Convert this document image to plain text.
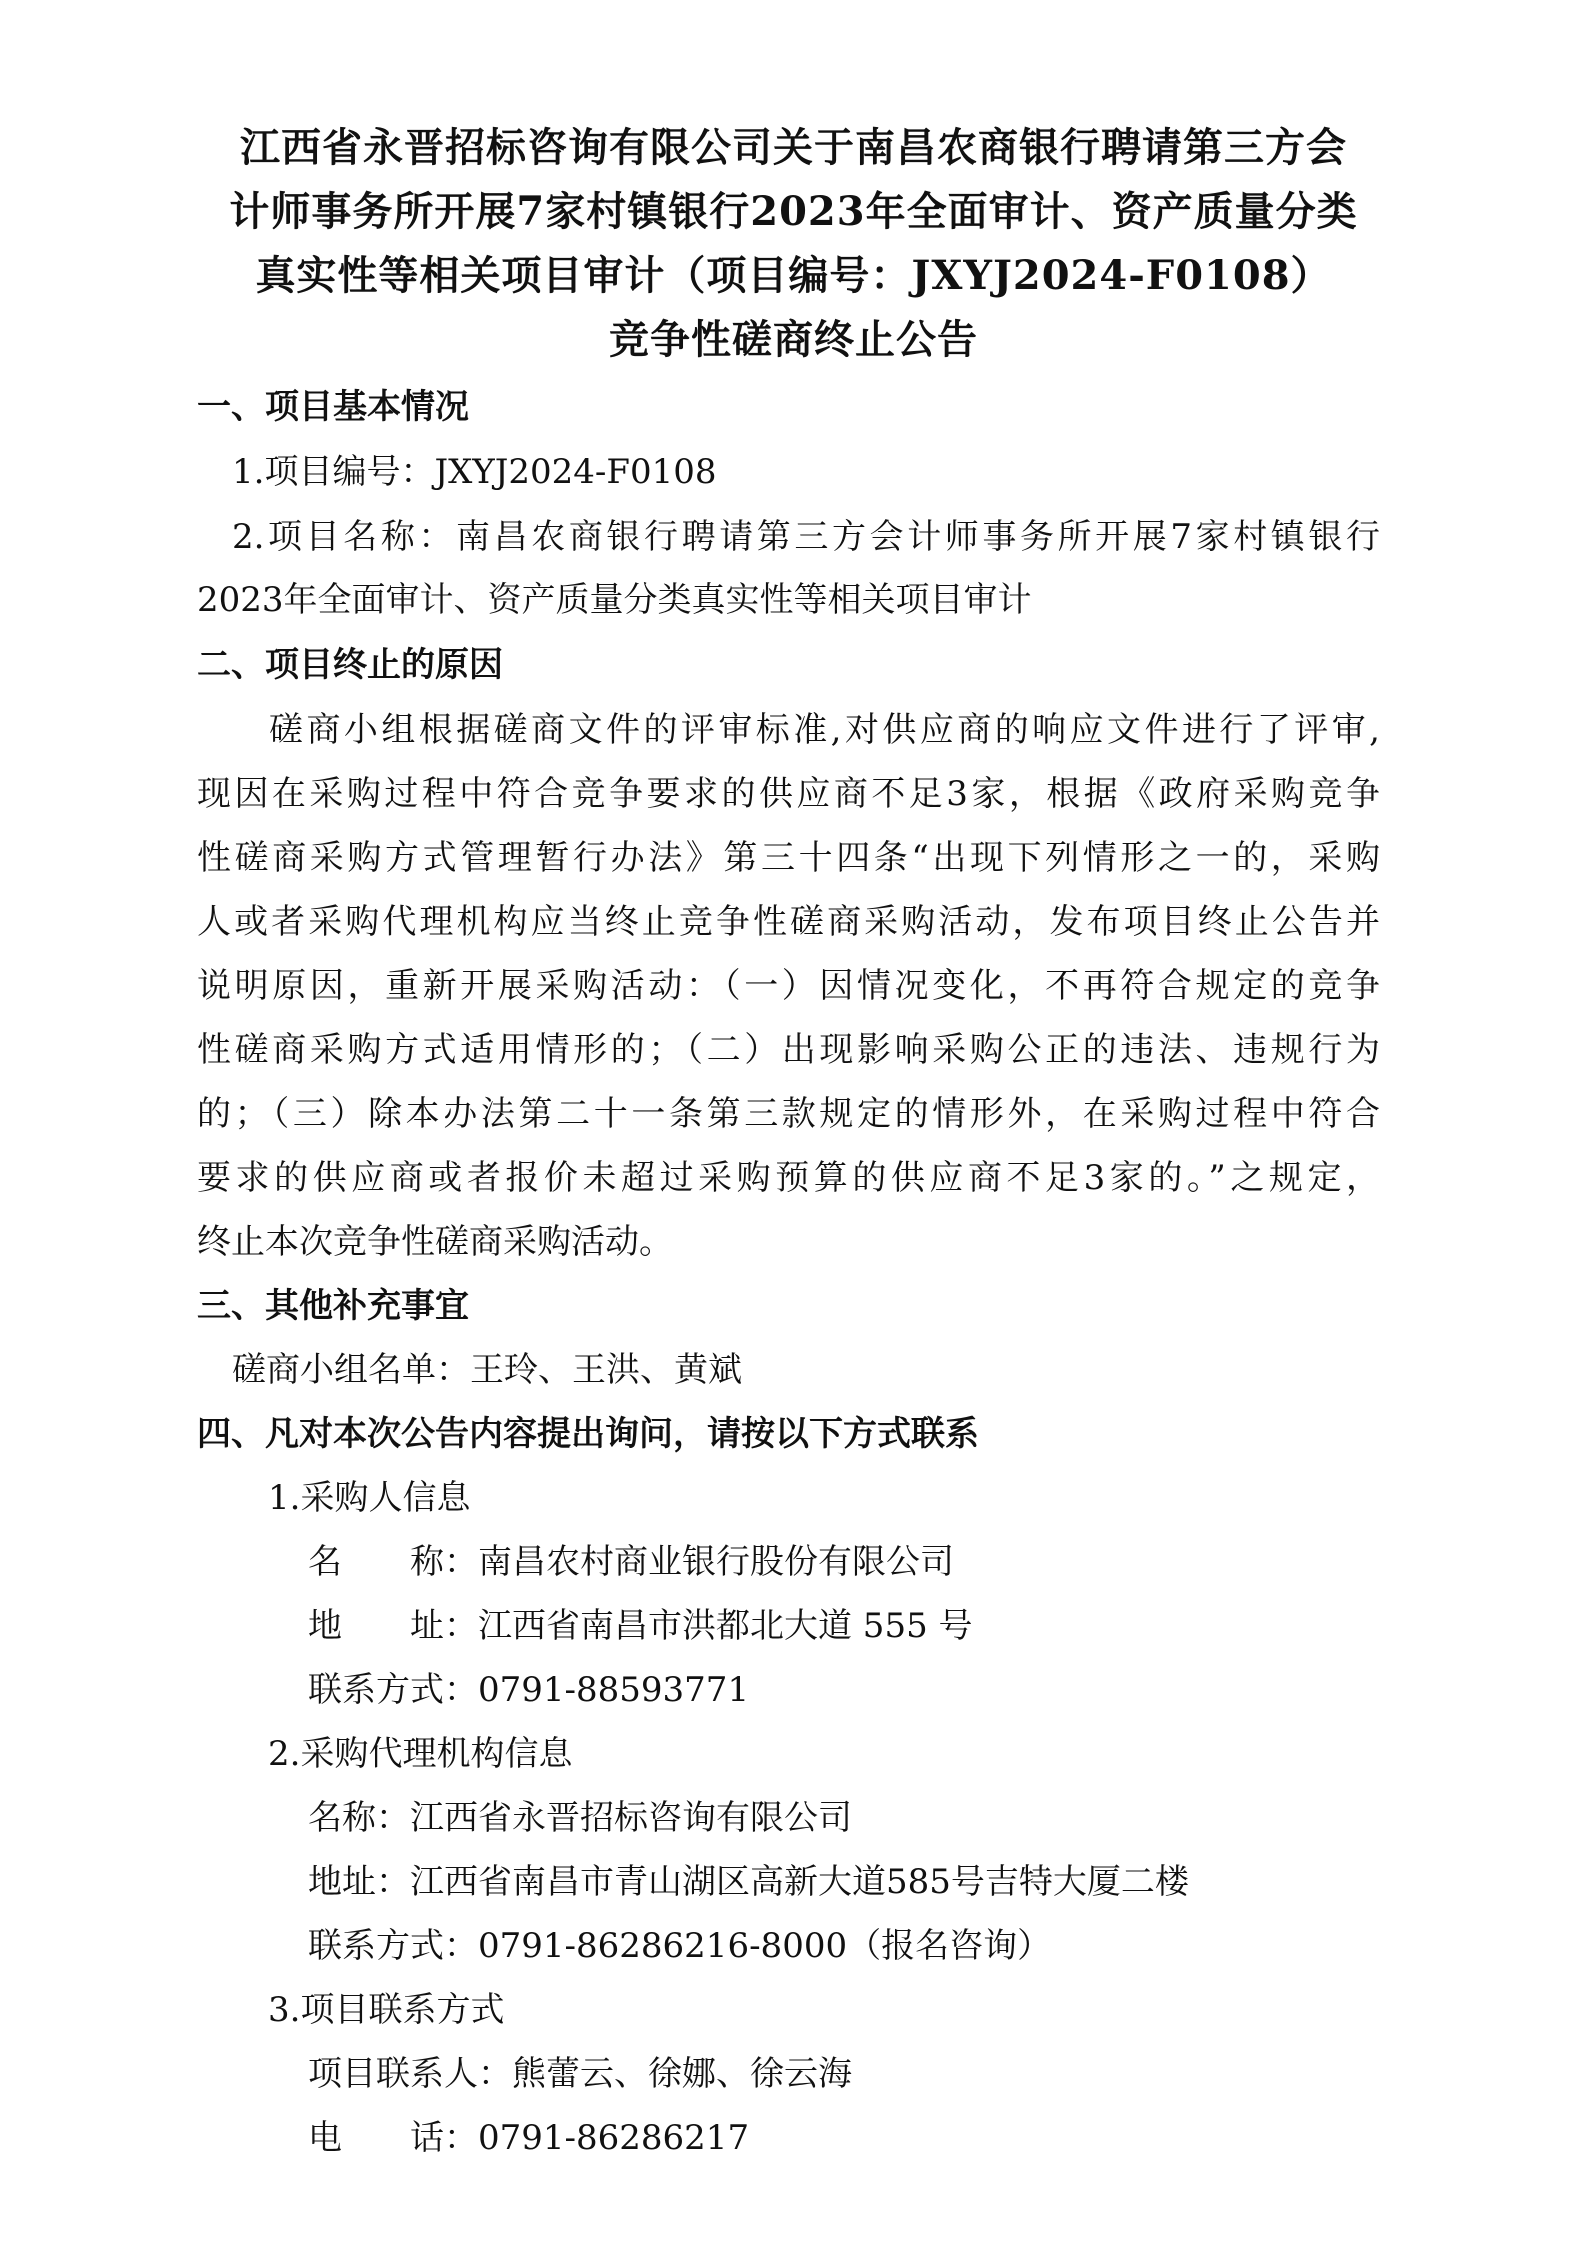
江西省永晋招标咨询有限公司关于南昌农商银行聘请第三方会
计师事务所开展7家村镇银行2023年全面审计、资产质量分类
真实性等相关项目审计（项目编号：JXYJ2024-F0108）
竞争性磋商终止公告
一、项目基本情况
1.项目编号：JXYJ2024-F0108
2.项目名称：南昌农商银行聘请第三方会计师事务所开展7家村镇银行
2023年全面审计、资产质量分类真实性等相关项目审计
二、项目终止的原因
磋商小组根据磋商文件的评审标准,对供应商的响应文件进行了评审,
现因在采购过程中符合竞争要求的供应商不足3家，根据《政府采购竞争
性磋商采购方式管理暂行办法》第三十四条“出现下列情形之一的，采购
人或者采购代理机构应当终止竞争性磋商采购活动，发布项目终止公告并
说明原因，重新开展采购活动：（一）因情况变化，不再符合规定的竞争
性磋商采购方式适用情形的；（二）出现影响采购公正的违法、违规行为
的；（三）除本办法第二十一条第三款规定的情形外，在采购过程中符合
要求的供应商或者报价未超过采购预算的供应商不足3家的。”之规定，
终止本次竞争性磋商采购活动。
三、其他补充事宜
磋商小组名单：王玲、王洪、黄斌
四、凡对本次公告内容提出询问，请按以下方式联系
1.采购人信息
名　　称：南昌农村商业银行股份有限公司
地　　址：江西省南昌市洪都北大道 555 号
联系方式：0791-88593771
2.采购代理机构信息
名称：江西省永晋招标咨询有限公司
地址：江西省南昌市青山湖区高新大道585号吉特大厦二楼
联系方式：0791-86286216-8000（报名咨询）
3.项目联系方式
项目联系人：熊蕾云、徐娜、徐云海
电　　话：0791-86286217
